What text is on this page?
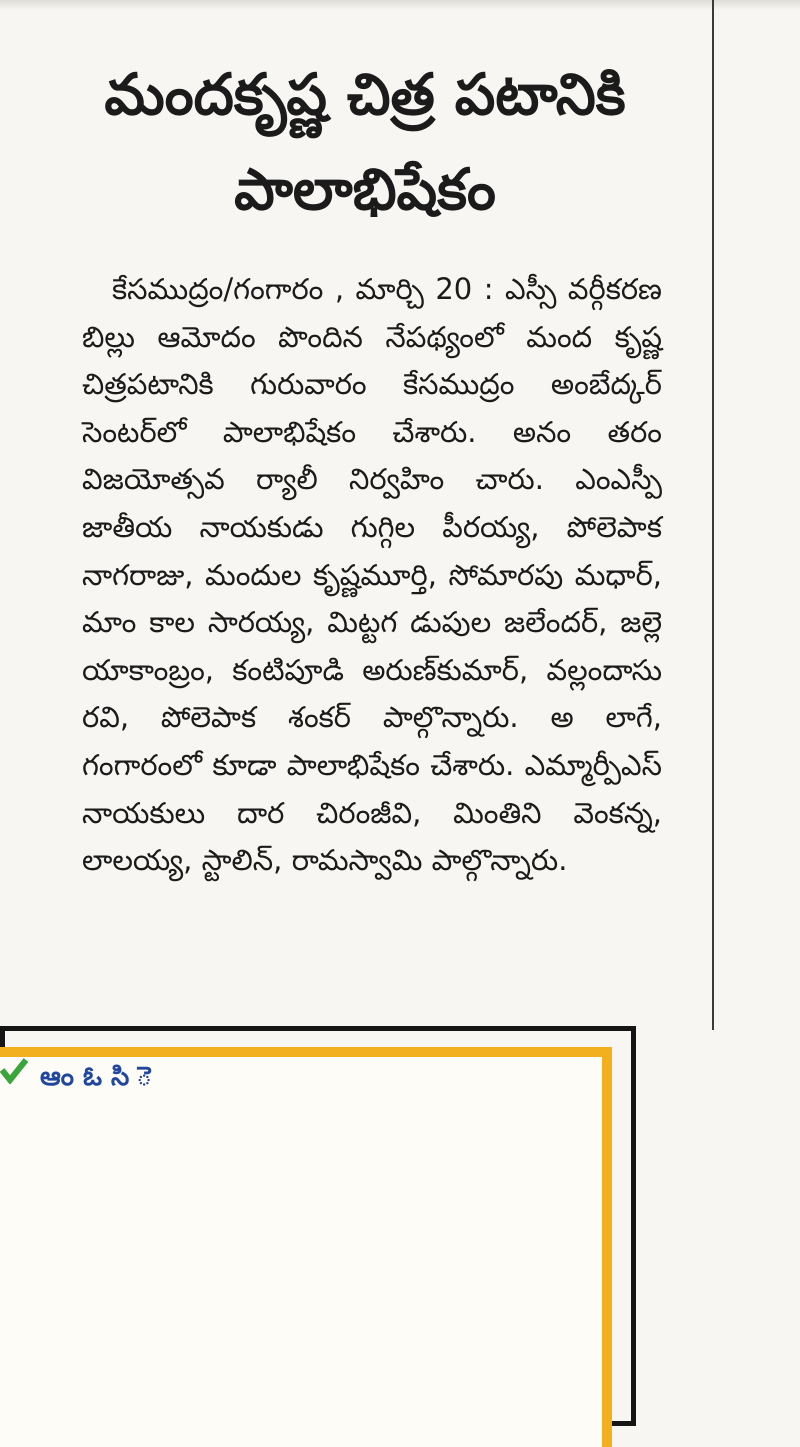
మందకృష్ణ చిత్ర పటానికి
పాలాభిషేకం

కేసముద్రం/గంగారం , మార్చి 20 : ఎస్సీ వర్గీకరణ బిల్లు ఆమోదం పొందిన నేపథ్యంలో మంద కృష్ణ చిత్రపటానికి గురువారం కేసముద్రం అంబేద్కర్ సెంటర్‌లో పాలాభిషేకం చేశారు. అనం తరం విజయోత్సవ ర్యాలీ నిర్వహిం చారు. ఎంఎస్పీ జాతీయ నాయకుడు గుగ్గిల పీరయ్య, పోలెపాక నాగరాజు, మందుల కృష్ణమూర్తి, సోమారపు మధార్, మాం కాల సారయ్య, మిట్టగ డుపుల జలేందర్, జల్లె యాకాంబ్రం, కంటిపూడి అరుణ్‌కుమార్, వల్లందాసు రవి, పోలెపాక శంకర్ పాల్గొన్నారు. అ లాగే, గంగారంలో కూడా పాలాభిషేకం చేశారు. ఎమ్మార్పీఎస్ నాయకులు దార చిరంజీవి, మింతిని వెంకన్న, లాలయ్య, స్టాలిన్, రామస్వామి పాల్గొన్నారు.

ఆం ఓ సి ె
